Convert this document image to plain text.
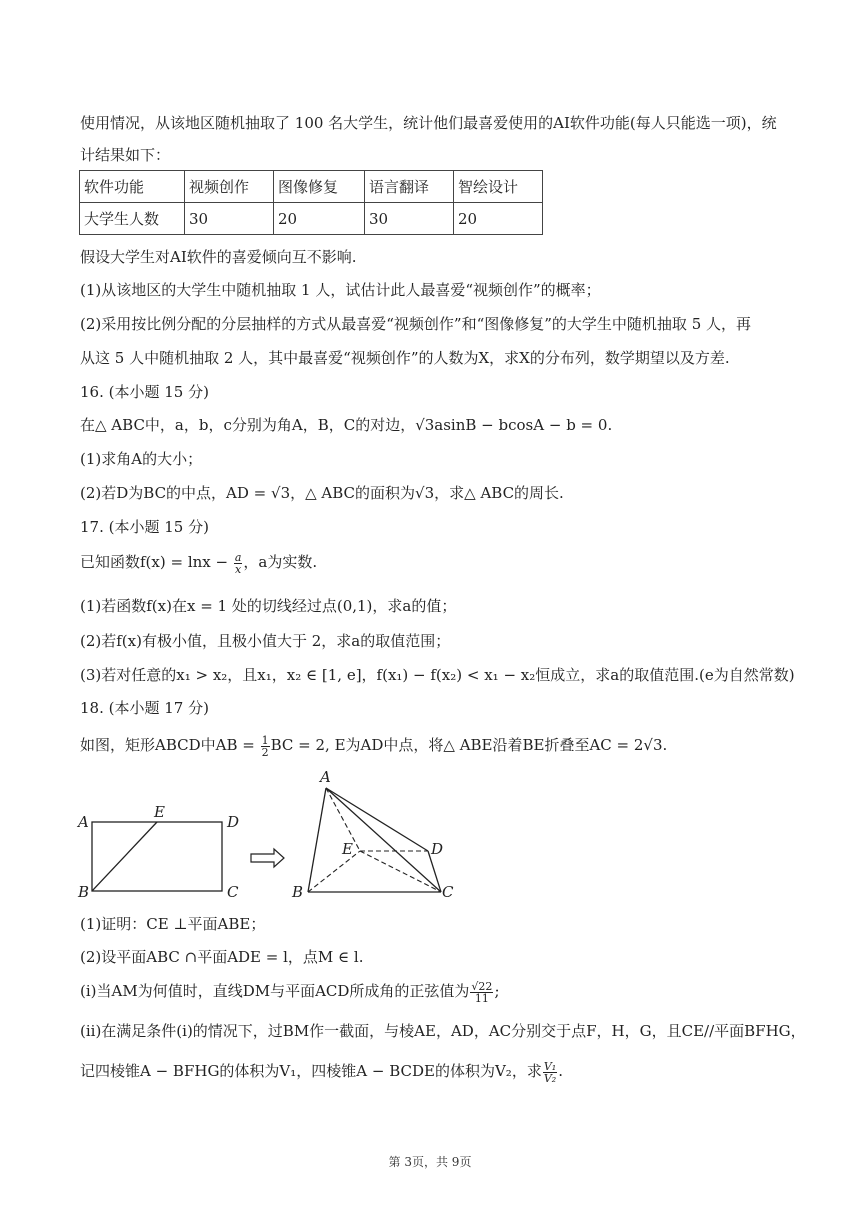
使用情况，从该地区随机抽取了 100 名大学生，统计他们最喜爱使用的AI软件功能(每人只能选一项)，统
计结果如下：
软件功能	视频创作	图像修复	语言翻译	智绘设计
大学生人数	30	20	30	20
假设大学生对AI软件的喜爱倾向互不影响.
(1)从该地区的大学生中随机抽取 1 人，试估计此人最喜爱“视频创作”的概率；
(2)采用按比例分配的分层抽样的方式从最喜爱“视频创作”和“图像修复”的大学生中随机抽取 5 人，再
从这 5 人中随机抽取 2 人，其中最喜爱“视频创作”的人数为X，求X的分布列，数学期望以及方差.
16. (本小题 15 分)
在△ ABC中，a，b，c分别为角A，B，C的对边，√3asinB − bcosA − b = 0.
(1)求角A的大小；
(2)若D为BC的中点，AD = √3，△ ABC的面积为√3，求△ ABC的周长.
17. (本小题 15 分)
已知函数$f(x) = \ln x - \frac{a}{x}$ ，a为实数.
(1)若函数f(x)在x = 1 处的切线经过点(0,1)，求a的值；
(2)若f(x)有极小值，且极小值大于 2，求a的取值范围；
(3)若对任意的x₁ > x₂，且x₁，x₂ ∈ [1, e]，f(x₁) − f(x₂) < x₁ − x₂恒成立，求a的取值范围.(e为自然常数)
18. (本小题 17 分)
如图，矩形ABCD中AB = $\frac{1}{2}$ BC = 2, E为AD中点，将△ ABE沿着BE折叠至AC = 2√3.
A
E
D
B	C
A
E	D
B	C
(1)证明：CE ⊥平面ABE；
(2)设平面ABC ∩平面ADE = l，点M ∈ l.
(i)当AM为何值时，直线DM与平面ACD所成角的正弦值为 $\frac{√22}{11}$ ;
(ii)在满足条件(i)的情况下，过BM作一截面，与棱AE，AD，AC分别交于点F，H，G，且CE//平面BFHG，
记四棱锥A − BFHG的体积为V₁，四棱锥A − BCDE的体积为V₂，求 $\frac{\text{V₁}}{\text{V₂}}$ .
第 3页，共 9页
